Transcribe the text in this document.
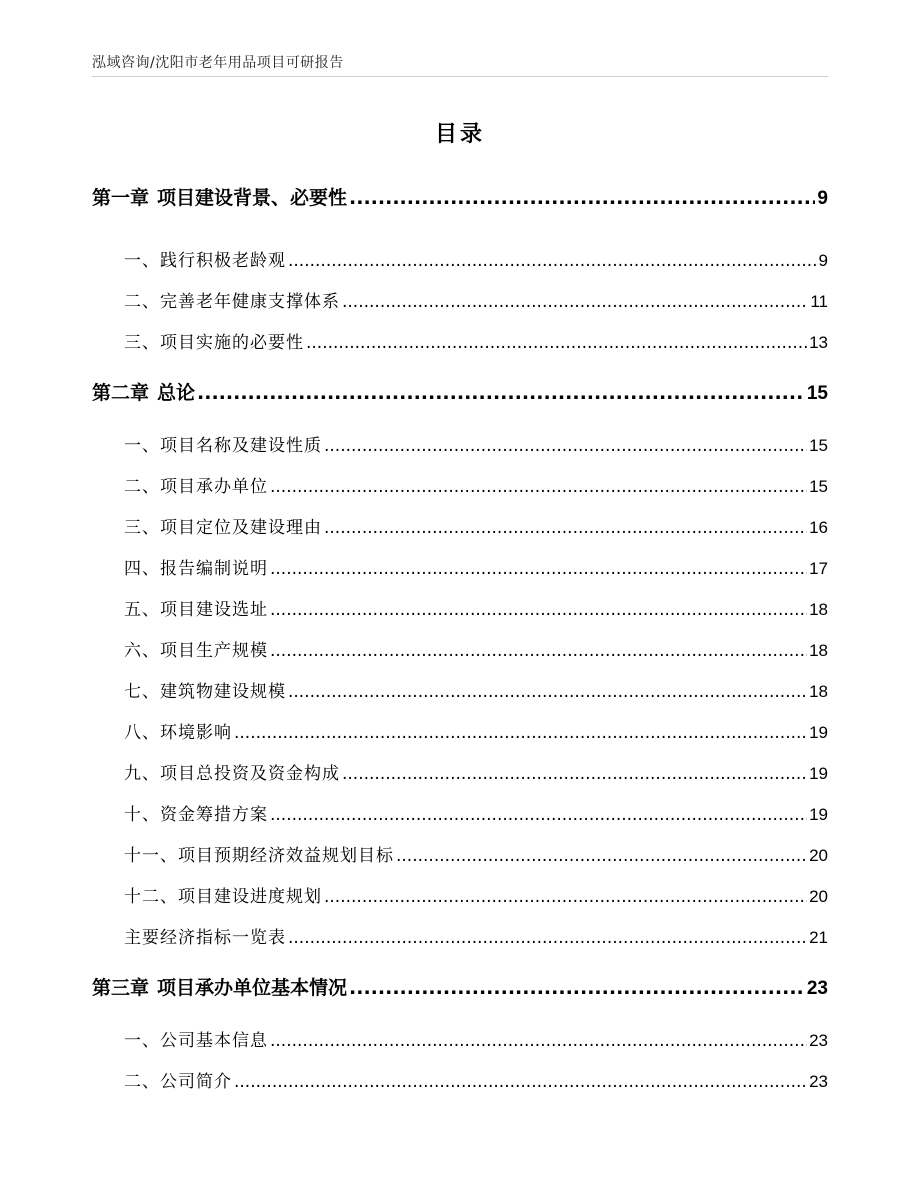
泓域咨询/沈阳市老年用品项目可研报告
目录
第一章 项目建设背景、必要性 .....	9
一、 践行积极老龄观 .....	9
二、 完善老年健康支撑体系 .....	11
三、 项目实施的必要性 .....	13
第二章 总论 .....	15
一、 项目名称及建设性质 .....	15
二、 项目承办单位 .....	15
三、 项目定位及建设理由 .....	16
四、 报告编制说明 .....	17
五、 项目建设选址 .....	18
六、 项目生产规模 .....	18
七、 建筑物建设规模 .....	18
八、 环境影响 .....	19
九、 项目总投资及资金构成 .....	19
十、 资金筹措方案 .....	19
十一、 项目预期经济效益规划目标 .....	20
十二、 项目建设进度规划 .....	20
主要经济指标一览表 .....	21
第三章 项目承办单位基本情况 .....	23
一、 公司基本信息 .....	23
二、 公司简介 .....	23
